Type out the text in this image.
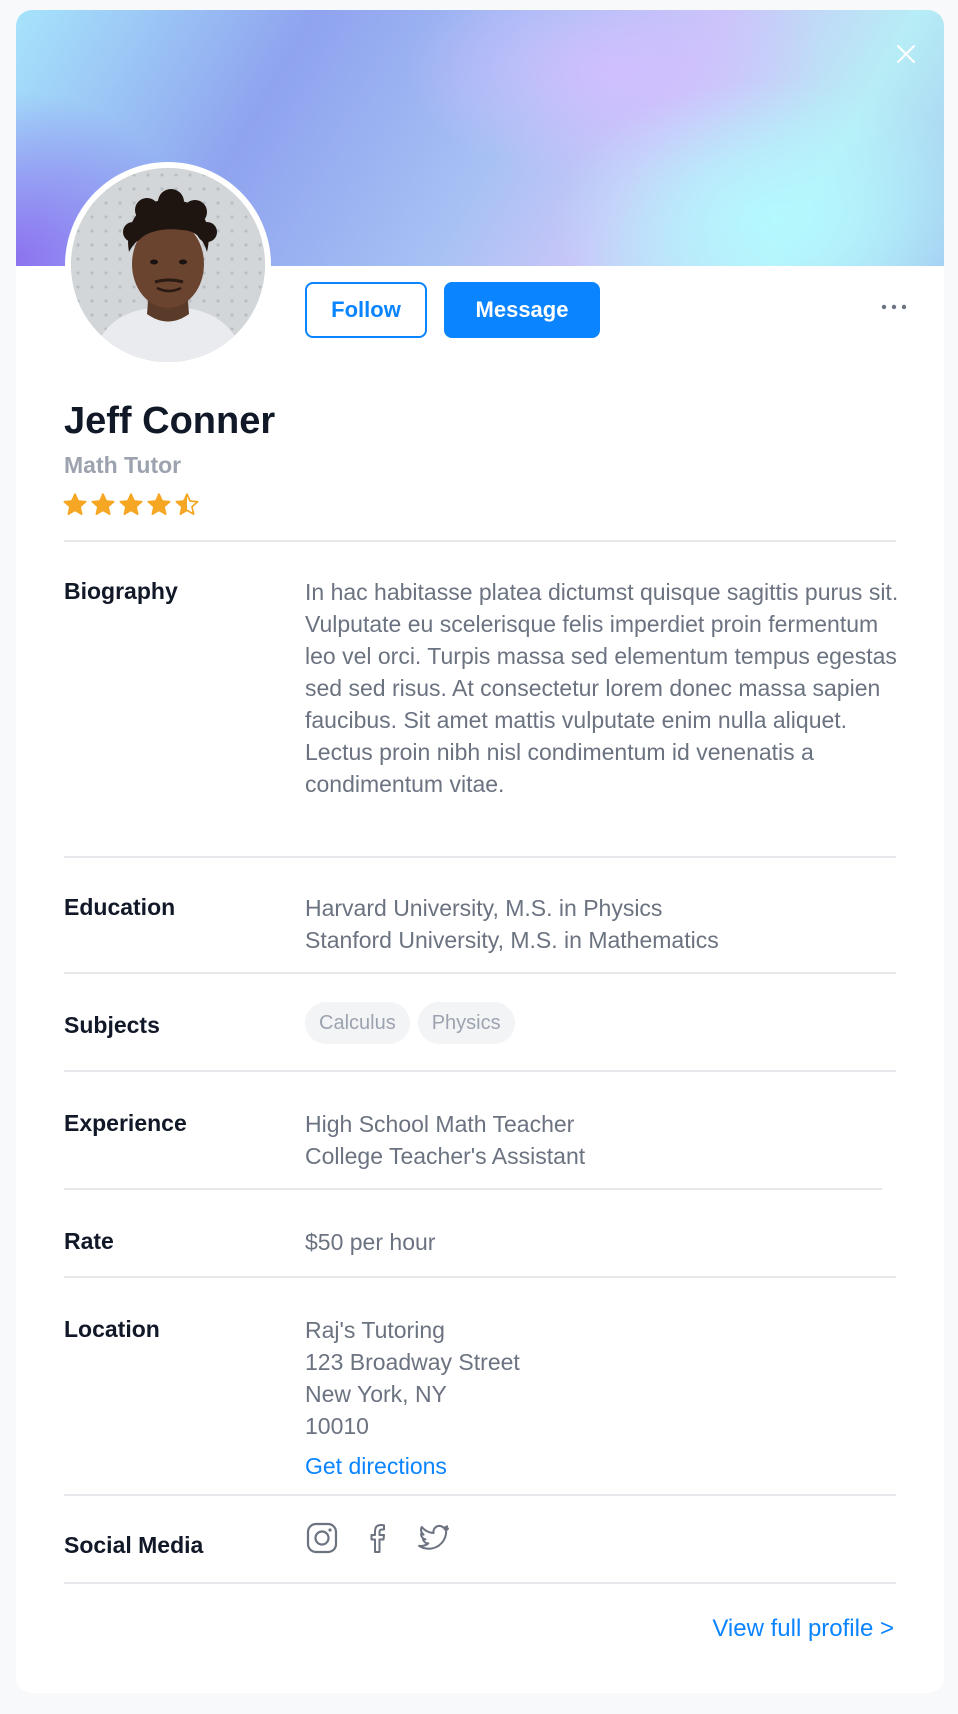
Follow	Message
Jeff Conner
Math Tutor
Biography	In hac habitasse platea dictumst quisque sagittis purus sit. Vulputate eu scelerisque felis imperdiet proin fermentum leo vel orci. Turpis massa sed elementum tempus egestas sed sed risus. At consectetur lorem donec massa sapien faucibus. Sit amet mattis vulputate enim nulla aliquet. Lectus proin nibh nisl condimentum id venenatis a condimentum vitae.
Education	Harvard University, M.S. in Physics
Stanford University, M.S. in Mathematics
Subjects	Calculus Physics
Experience	High School Math Teacher
College Teacher's Assistant
Rate	$50 per hour
Location	Raj's Tutoring
123 Broadway Street
New York, NY
10010
Get directions
Social Media
View full profile >
